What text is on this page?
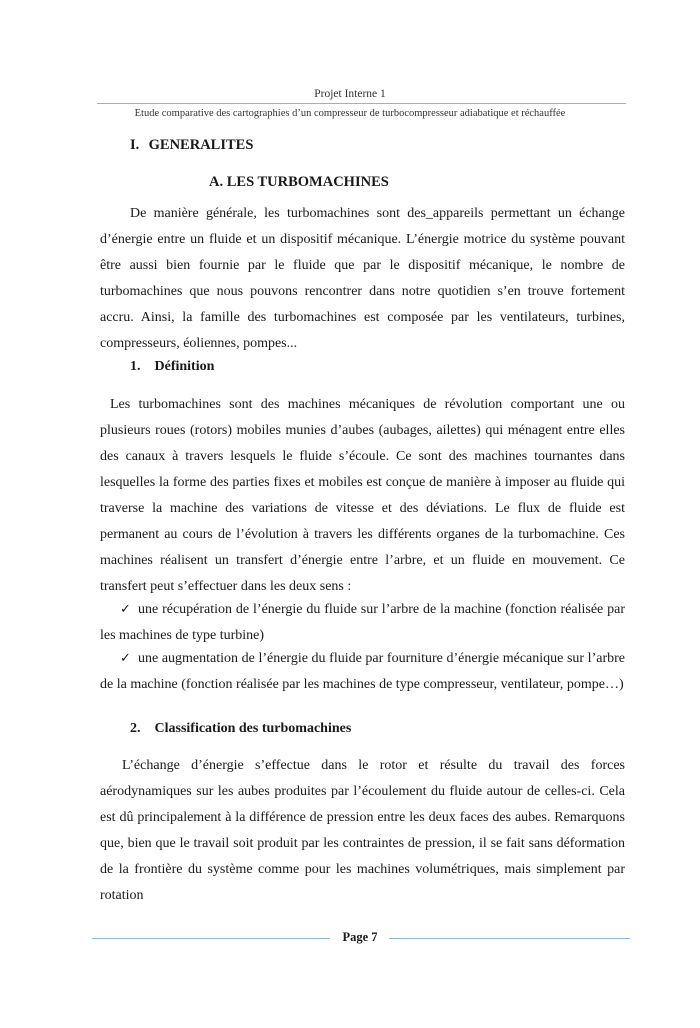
Projet Interne 1
Etude comparative des cartographies d’un compresseur de turbocompresseur adiabatique et réchauffée
I. GENERALITES
A. LES TURBOMACHINES

De manière générale, les turbomachines sont des_appareils permettant un échange d’énergie entre un fluide et un dispositif mécanique. L’énergie motrice du système pouvant être aussi bien fournie par le fluide que par le dispositif mécanique, le nombre de turbomachines que nous pouvons rencontrer dans notre quotidien s’en trouve fortement accru. Ainsi, la famille des turbomachines est composée par les ventilateurs, turbines, compresseurs, éoliennes, pompes...

1. Définition

Les turbomachines sont des machines mécaniques de révolution comportant une ou plusieurs roues (rotors) mobiles munies d’aubes (aubages, ailettes) qui ménagent entre elles des canaux à travers lesquels le fluide s’écoule. Ce sont des machines tournantes dans lesquelles la forme des parties fixes et mobiles est conçue de manière à imposer au fluide qui traverse la machine des variations de vitesse et des déviations. Le flux de fluide est permanent au cours de l’évolution à travers les différents organes de la turbomachine. Ces machines réalisent un transfert d’énergie entre l’arbre, et un fluide en mouvement. Ce transfert peut s’effectuer dans les deux sens :

✓ une récupération de l’énergie du fluide sur l’arbre de la machine (fonction réalisée par les machines de type turbine)

✓ une augmentation de l’énergie du fluide par fourniture d’énergie mécanique sur l’arbre de la machine (fonction réalisée par les machines de type compresseur, ventilateur, pompe…)

2. Classification des turbomachines

L’échange d’énergie s’effectue dans le rotor et résulte du travail des forces aérodynamiques sur les aubes produites par l’écoulement du fluide autour de celles-ci. Cela est dû principalement à la différence de pression entre les deux faces des aubes. Remarquons que, bien que le travail soit produit par les contraintes de pression, il se fait sans déformation de la frontière du système comme pour les machines volumétriques, mais simplement par rotation

Page 7
